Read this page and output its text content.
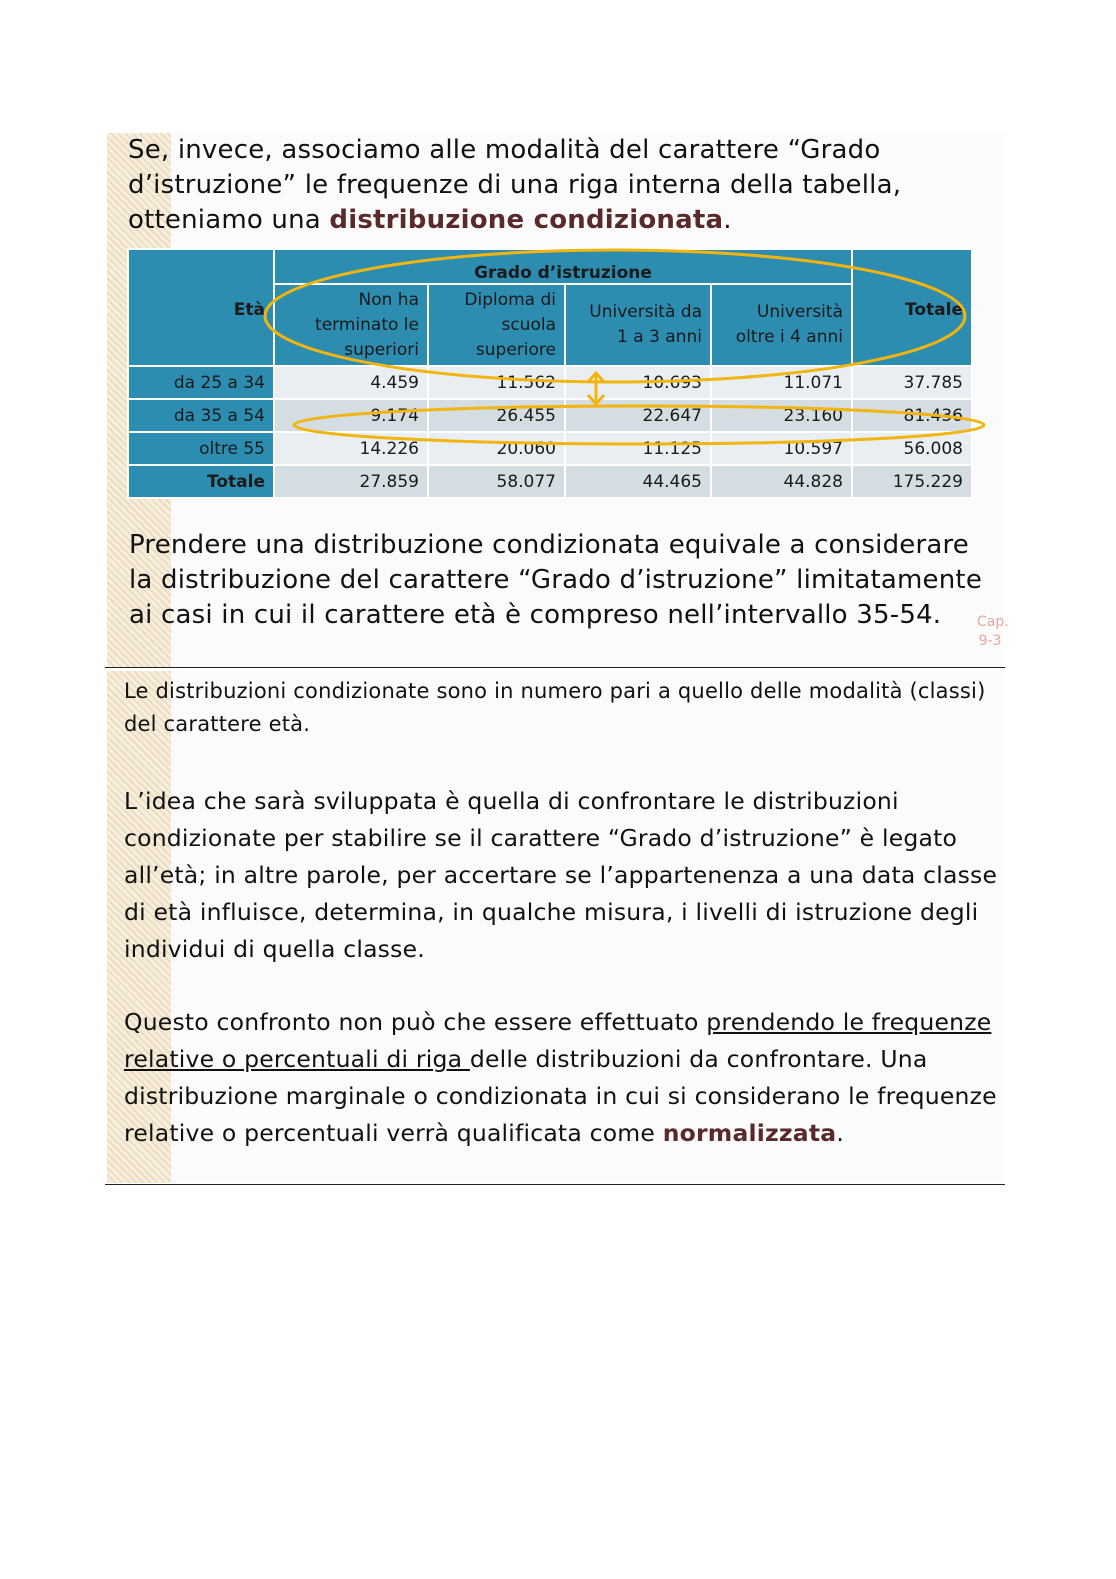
Se, invece, associamo alle modalità del carattere “Grado d’istruzione” le frequenze di una riga interna della tabella, otteniamo una distribuzione condizionata.

Età	Grado d’istruzione				Totale
	Non ha terminato le superiori	Diploma di scuola superiore	Università da 1 a 3 anni	Università oltre i 4 anni	
da 25 a 34	4.459	11.562	10.693	11.071	37.785
da 35 a 54	9.174	26.455	22.647	23.160	81.436
oltre 55	14.226	20.060	11.125	10.597	56.008
Totale	27.859	58.077	44.465	44.828	175.229

Prendere una distribuzione condizionata equivale a considerare la distribuzione del carattere “Grado d’istruzione” limitatamente ai casi in cui il carattere età è compreso nell’intervallo 35-54.	Cap. 9-3

Le distribuzioni condizionate sono in numero pari a quello delle modalità (classi) del carattere età.

L’idea che sarà sviluppata è quella di confrontare le distribuzioni condizionate per stabilire se il carattere “Grado d’istruzione” è legato all’età; in altre parole, per accertare se l’appartenenza a una data classe di età influisce, determina, in qualche misura, i livelli di istruzione degli individui di quella classe.

Questo confronto non può che essere effettuato prendendo le frequenze relative o percentuali di riga delle distribuzioni da confrontare. Una distribuzione marginale o condizionata in cui si considerano le frequenze relative o percentuali verrà qualificata come normalizzata.
